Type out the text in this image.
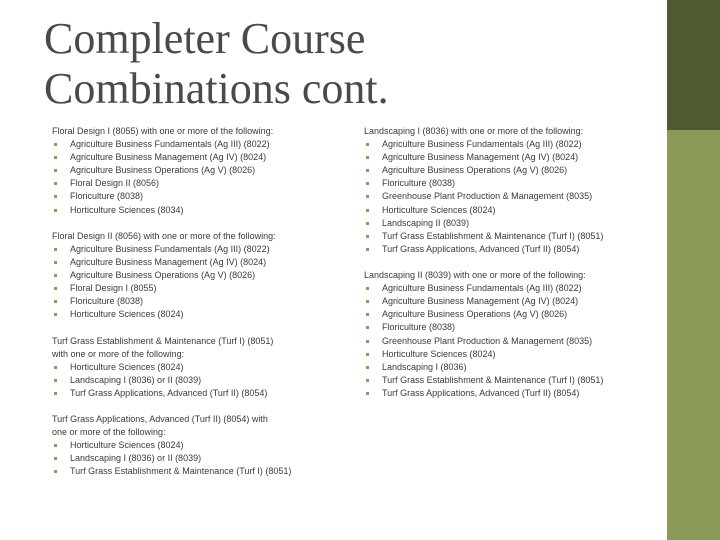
Completer Course
Combinations cont.

Floral Design I (8055) with one or more of the following:

Agriculture Business Fundamentals (Ag III) (8022)
Agriculture Business Management (Ag IV) (8024)
Agriculture Business Operations (Ag V) (8026)
Floral Design II (8056)
Floriculture (8038)
Horticulture Sciences (8034)

Floral Design II (8056) with one or more of the following:

Agriculture Business Fundamentals (Ag III) (8022)
Agriculture Business Management (Ag IV) (8024)
Agriculture Business Operations (Ag V) (8026)
Floral Design I (8055)
Floriculture (8038)
Horticulture Sciences (8024)

Turf Grass Establishment & Maintenance (Turf I) (8051)

with one or more of the following:

Horticulture Sciences (8024)
Landscaping I (8036) or II (8039)
Turf Grass Applications, Advanced (Turf II) (8054)

Turf Grass Applications, Advanced (Turf II) (8054) with

one or more of the following:

Horticulture Sciences (8024)
Landscaping I (8036) or II (8039)
Turf Grass Establishment & Maintenance (Turf I) (8051)

Landscaping I (8036) with one or more of the following:

Agriculture Business Fundamentals (Ag III) (8022)
Agriculture Business Management (Ag IV) (8024)
Agriculture Business Operations (Ag V) (8026)
Floriculture (8038)
Greenhouse Plant Production & Management (8035)
Horticulture Sciences (8024)
Landscaping II (8039)
Turf Grass Establishment & Maintenance (Turf I) (8051)
Turf Grass Applications, Advanced (Turf II) (8054)

Landscaping II (8039) with one or more of the following:

Agriculture Business Fundamentals (Ag III) (8022)
Agriculture Business Management (Ag IV) (8024)
Agriculture Business Operations (Ag V) (8026)
Floriculture (8038)
Greenhouse Plant Production & Management (8035)
Horticulture Sciences (8024)
Landscaping I (8036)
Turf Grass Establishment & Maintenance (Turf I) (8051)
Turf Grass Applications, Advanced (Turf II) (8054)
